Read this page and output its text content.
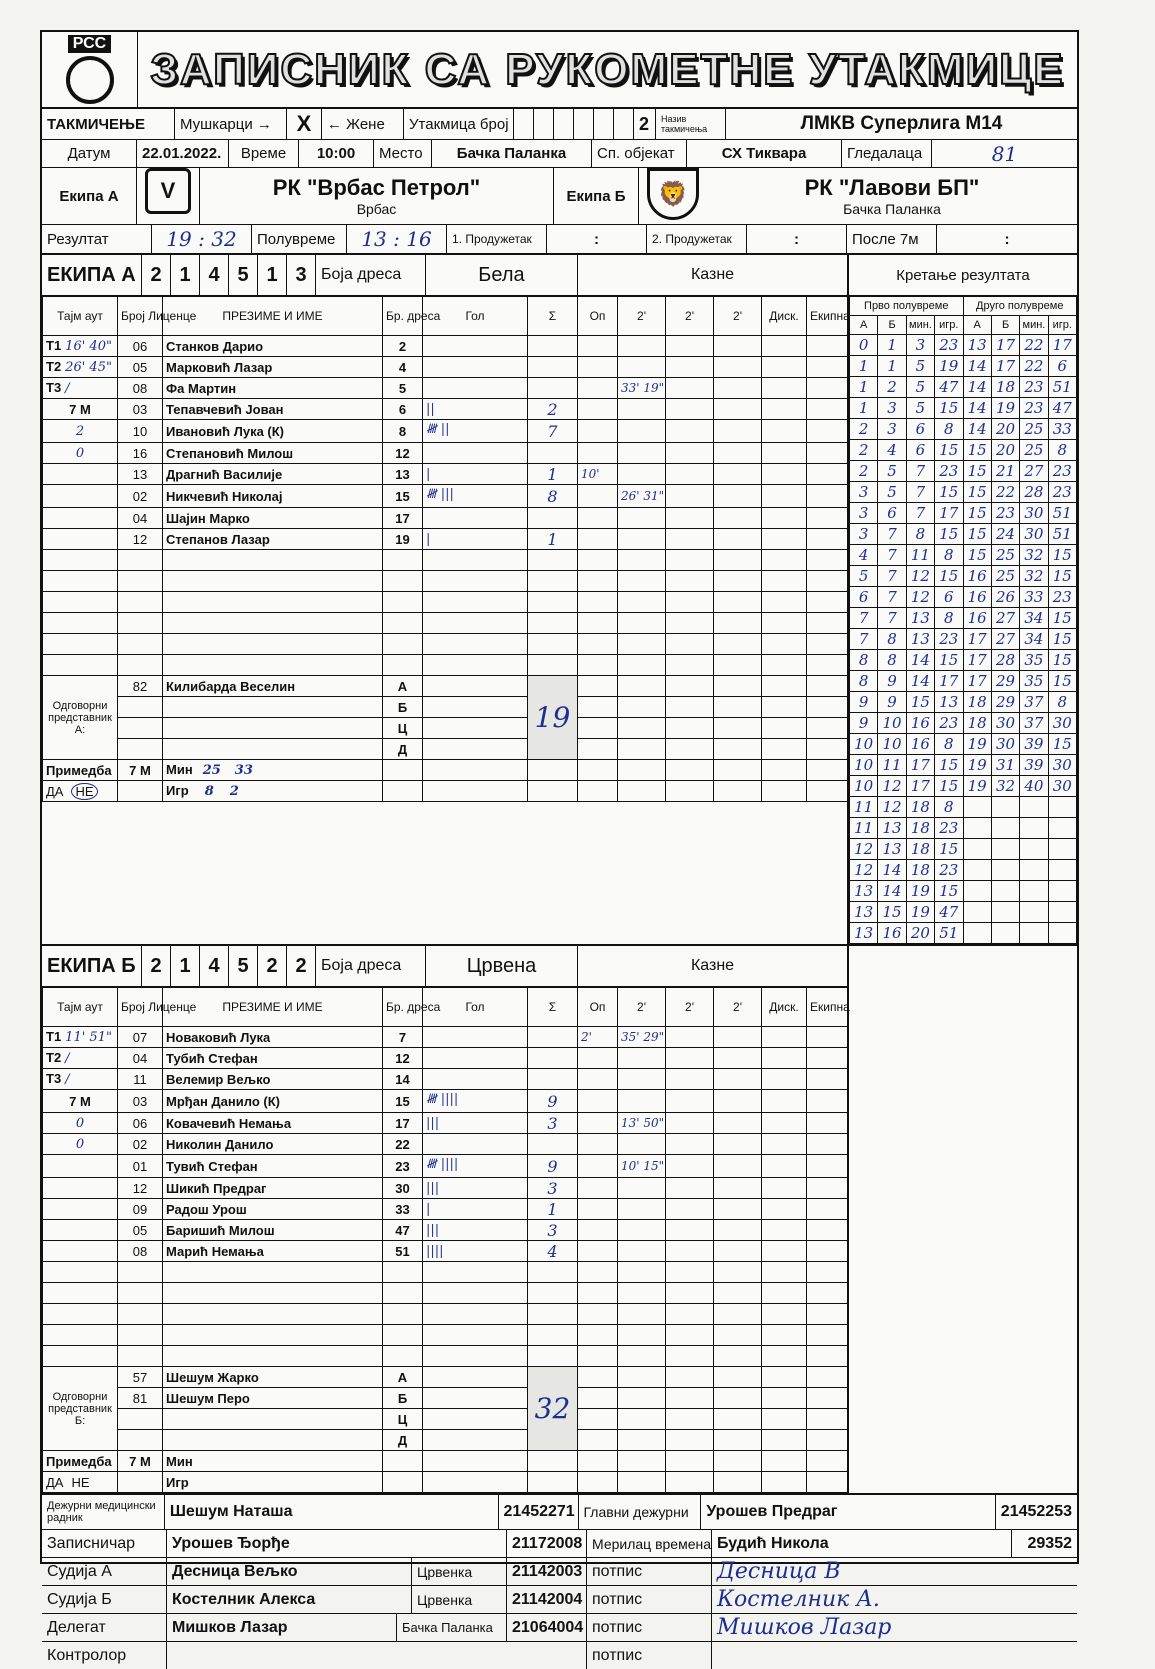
РСС
ЗАПИСНИК СА РУКОМЕТНЕ УТАКМИЦЕ
ТАКМИЧЕЊЕ	Мушкарци →	X	← Жене	Утакмица број	2	Назив такмичења	ЛМКВ Суперлига М14
Датум	22.01.2022.	Време	10:00	Место	Бачка Паланка	Сп. објекат	СХ Тиквара	Гледалаца	81
Екипа А	V	РК "Врбас Петрол"
Врбас
Екипа Б	🦁	РК "Лавови БП"
Бачка Паланка
Резултат	19 : 32	Полувреме	13 : 16	1. Продужетак	:	2. Продужетак	:	После 7м	:
ЕКИПА А 2 1 4 5 1 3 Боја дреса	Бела	Казне
Тајм аут	Број Лиценце	ПРЕЗИМЕ И ИМЕ	Бр. дреса	Гол	Σ	Оп	2'	2'	2'	Диск.	Екипна
Т1 16' 40"	06	Станков Дарио	2								
Т2 26' 45"	05	Марковић Лазар	4								
Т3 /	08	Фа Мартин	5				33' 19"				
7 М	03	Тепавчевић Јован	6	||	2						
2	10	Ивановић Лука (К)	8	𝍸 ||	7						
0	16	Степановић Милош	12								
	13	Драгнић Василије	13	|	1	10'					
	02	Никчевић Николај	15	𝍸 |||	8		26' 31"				
	04	Шајин Марко	17								
	12	Степанов Лазар	19	|	1						

Одговорни представник А:	82	Килибарда Веселин	А		19						
			Б								
			Ц								
			Д								
Примедба	7 М	Мин 25 33									
ДА НЕ		Игр 8 2									
Кретање резултата
Прво полувреме				Друго полувреме			
А	Б	мин.	игр.	А	Б	мин.	игр.
0	1	3	23	13	17	22	17
1	1	5	19	14	17	22	6
1	2	5	47	14	18	23	51
1	3	5	15	14	19	23	47
2	3	6	8	14	20	25	33
2	4	6	15	15	20	25	8
2	5	7	23	15	21	27	23
3	5	7	15	15	22	28	23
3	6	7	17	15	23	30	51
3	7	8	15	15	24	30	51
4	7	11	8	15	25	32	15
5	7	12	15	16	25	32	15
6	7	12	6	16	26	33	23
7	7	13	8	16	27	34	15
7	8	13	23	17	27	34	15
8	8	14	15	17	28	35	15
8	9	14	17	17	29	35	15
9	9	15	13	18	29	37	8
9	10	16	23	18	30	37	30
10	10	16	8	19	30	39	15
10	11	17	15	19	31	39	30
10	12	17	15	19	32	40	30
11	12	18	8				
11	13	18	23				
12	13	18	15				
12	14	18	23				
13	14	19	15				
13	15	19	47				
13	16	20	51				
ЕКИПА Б 2 1 4 5 2 2 Боја дреса	Црвена	Казне
Тајм аут	Број Лиценце	ПРЕЗИМЕ И ИМЕ	Бр. дреса	Гол	Σ	Оп	2'	2'	2'	Диск.	Екипна
Т1 11' 51"	07	Новаковић Лука	7			2'	35' 29"				
Т2 /	04	Тубић Стефан	12								
Т3 /	11	Велемир Вељко	14								
7 М	03	Мрђан Данило (К)	15	𝍸 ||||	9						
0	06	Ковачевић Немања	17	|||	3		13' 50"				
0	02	Николин Данило	22								
	01	Тувић Стефан	23	𝍸 ||||	9		10' 15"				
	12	Шикић Предраг	30	|||	3						
	09	Радош Урош	33	|	1						
	05	Баришић Милош	47	|||	3						
	08	Марић Немања	51	||||	4						

Одговорни представник Б:	57	Шешум Жарко	А		32						
	81	Шешум Перо	Б								
			Ц								
			Д								
Примедба	7 М	Мин									
ДА НЕ		Игр									
Дежурни медицински радник	Шешум Наташа	21452271 Главни дежурни	Урошев Предраг	21452253
Записничар	Урошев Ђорђе	21172008 Мерилац времена Будић Никола	29352
Судија А	Десница Вељко	Црвенка	21142003 потпис	Десница В
Судија Б	Костелник Алекса	Црвенка	21142004 потпис	Костелник А.
Делегат	Мишков Лазар	Бачка Паланка	21064004 потпис	Мишков Лазар
Контролор	потпис
